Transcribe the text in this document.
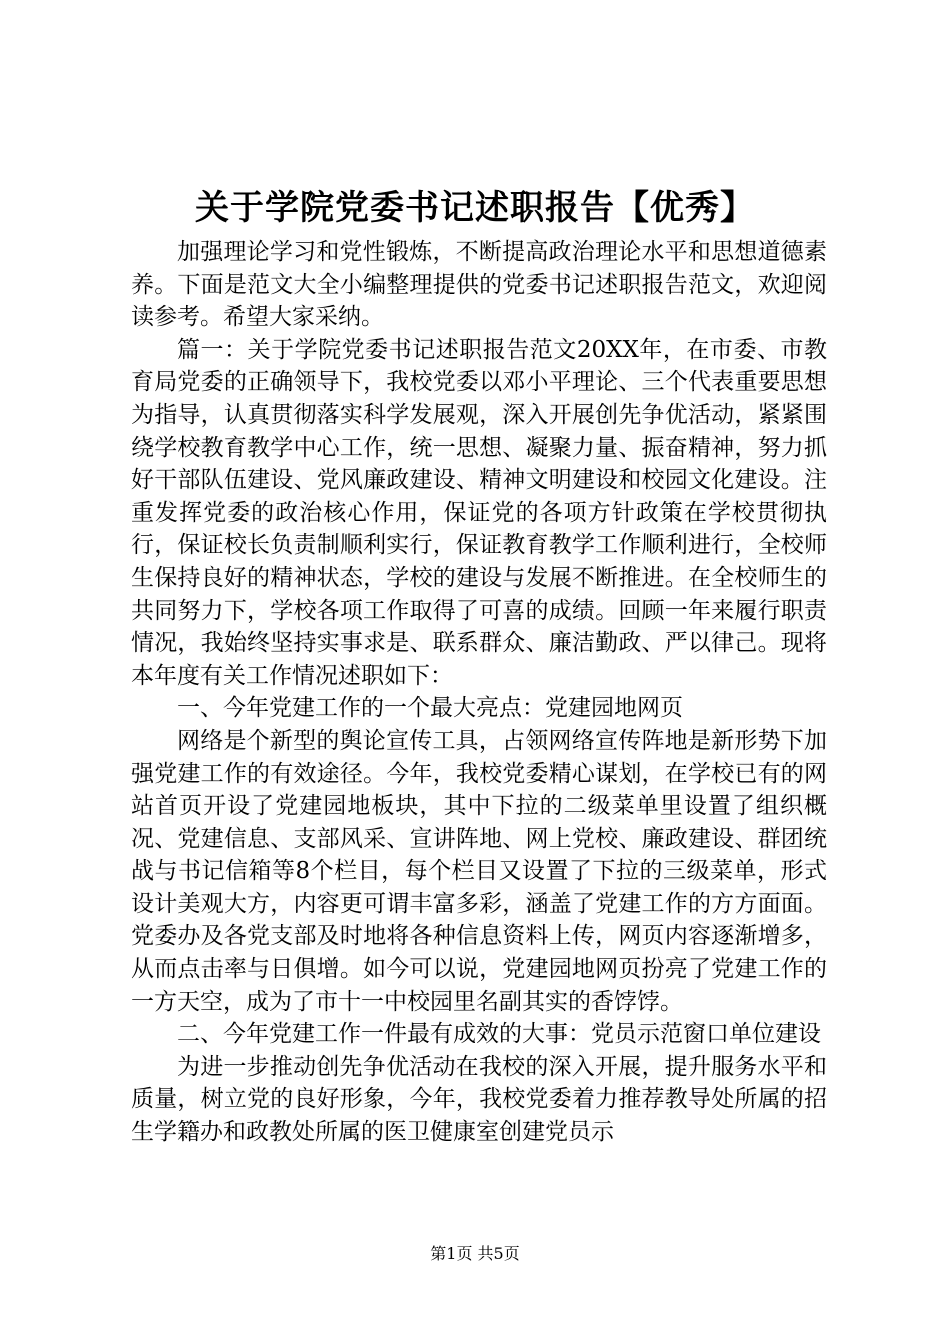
关于学院党委书记述职报告【优秀】

加强理论学习和党性锻炼，不断提高政治理论水平和思想道德素养。下面是范文大全小编整理提供的党委书记述职报告范文，欢迎阅读参考。希望大家采纳。

篇一：关于学院党委书记述职报告范文20XX年，在市委、市教育局党委的正确领导下，我校党委以邓小平理论、三个代表重要思想为指导，认真贯彻落实科学发展观，深入开展创先争优活动，紧紧围绕学校教育教学中心工作，统一思想、凝聚力量、振奋精神，努力抓好干部队伍建设、党风廉政建设、精神文明建设和校园文化建设。注重发挥党委的政治核心作用，保证党的各项方针政策在学校贯彻执行，保证校长负责制顺利实行，保证教育教学工作顺利进行，全校师生保持良好的精神状态，学校的建设与发展不断推进。在全校师生的共同努力下，学校各项工作取得了可喜的成绩。回顾一年来履行职责情况，我始终坚持实事求是、联系群众、廉洁勤政、严以律己。现将本年度有关工作情况述职如下：

一、今年党建工作的一个最大亮点：党建园地网页

网络是个新型的舆论宣传工具，占领网络宣传阵地是新形势下加强党建工作的有效途径。今年，我校党委精心谋划，在学校已有的网站首页开设了党建园地板块，其中下拉的二级菜单里设置了组织概况、党建信息、支部风采、宣讲阵地、网上党校、廉政建设、群团统战与书记信箱等8个栏目，每个栏目又设置了下拉的三级菜单，形式设计美观大方，内容更可谓丰富多彩，涵盖了党建工作的方方面面。党委办及各党支部及时地将各种信息资料上传，网页内容逐渐增多，从而点击率与日俱增。如今可以说，党建园地网页扮亮了党建工作的一方天空，成为了市十一中校园里名副其实的香饽饽。

二、今年党建工作一件最有成效的大事：党员示范窗口单位建设

为进一步推动创先争优活动在我校的深入开展，提升服务水平和质量，树立党的良好形象，今年，我校党委着力推荐教导处所属的招生学籍办和政教处所属的医卫健康室创建党员示

第1页 共5页
